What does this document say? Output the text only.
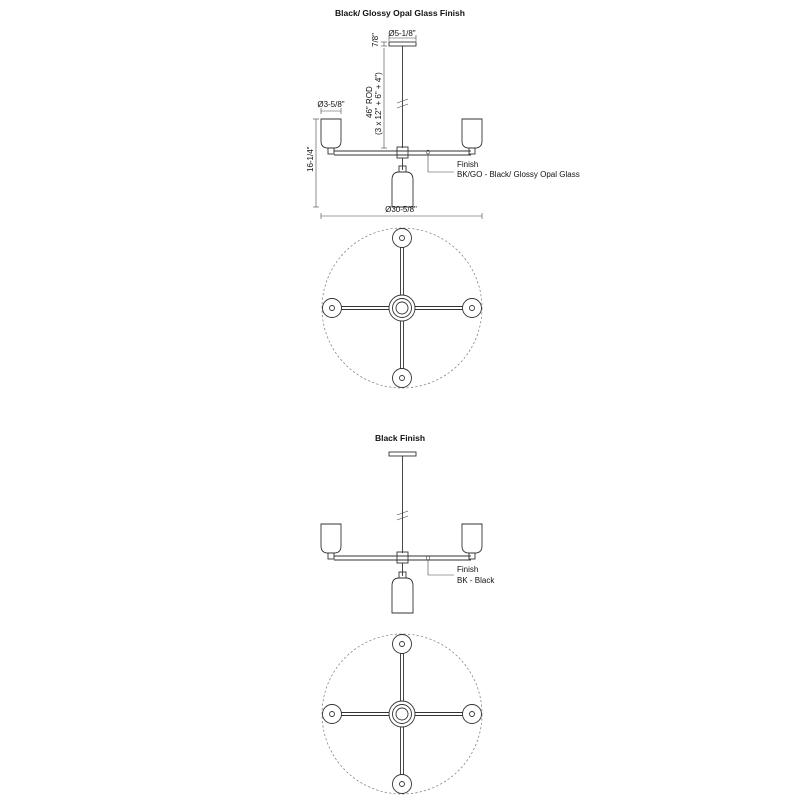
Black/ Glossy Opal Glass Finish
Ø5-1/8"
7/8"
46" ROD (3 x 12" + 6" + 4")
Ø3-5/8"
16-1/4"
Ø30-5/8"
Finish
BK/GO - Black/ Glossy Opal Glass
Black Finish
Finish
BK - Black
